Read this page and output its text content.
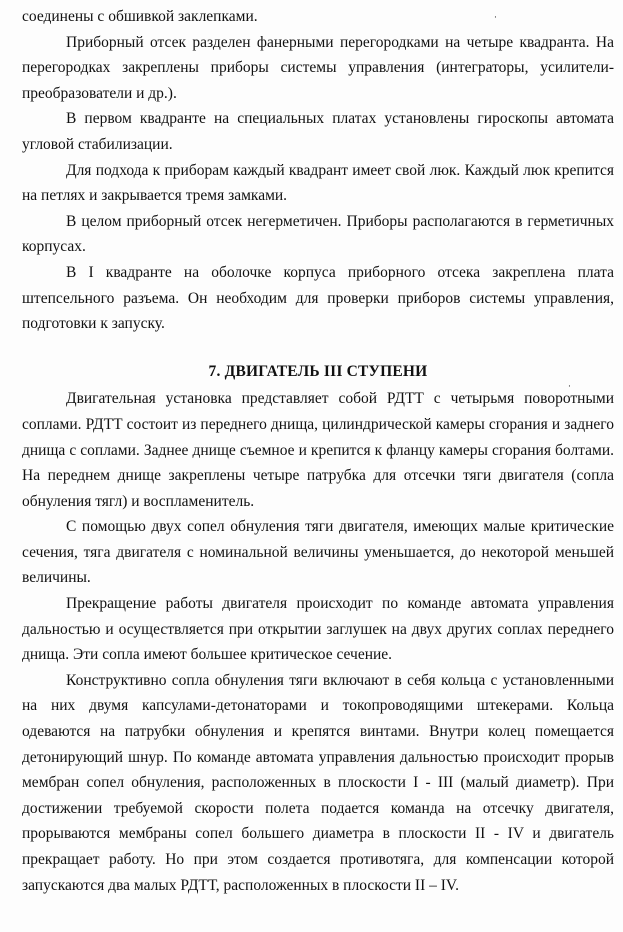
соединены с обшивкой заклепками.

Приборный отсек разделен фанерными перегородками на четыре квадранта. На перегородках закреплены приборы системы управления (интеграторы, усилители-преобразователи и др.).

В первом квадранте на специальных платах установлены гироскопы автомата угловой стабилизации.

Для подхода к приборам каждый квадрант имеет свой люк. Каждый люк крепится на петлях и закрывается тремя замками.

В целом приборный отсек негерметичен. Приборы располагаются в герметичных корпусах.

В I квадранте на оболочке корпуса приборного отсека закреплена плата штепсельного разъема. Он необходим для проверки приборов системы управления, подготовки к запуску.

7. ДВИГАТЕЛЬ III СТУПЕНИ

Двигательная установка представляет собой РДТТ с четырьмя поворотными соплами. РДТТ состоит из переднего днища, цилиндрической камеры сгорания и заднего днища с соплами. Заднее днище съемное и крепится к фланцу камеры сгорания болтами. На переднем днище закреплены четыре патрубка для отсечки тяги двигателя (сопла обнуления тягл) и воспламенитель.

С помощью двух сопел обнуления тяги двигателя, имеющих малые критические сечения, тяга двигателя с номинальной величины уменьшается, до некоторой меньшей величины.

Прекращение работы двигателя происходит по команде автомата управления дальностью и осуществляется при открытии заглушек на двух других соплах переднего днища. Эти сопла имеют большее критическое сечение.

Конструктивно сопла обнуления тяги включают в себя кольца с установленными на них двумя капсулами-детонаторами и токопроводящими штекерами. Кольца одеваются на патрубки обнуления и крепятся винтами. Внутри колец помещается детонирующий шнур. По команде автомата управления дальностью происходит прорыв мембран сопел обнуления, расположенных в плоскости I - III (малый диаметр). При достижении требуемой скорости полета подается команда на отсечку двигателя, прорываются мембраны сопел большего диаметра в плоскости II - IV и двигатель прекращает работу. Но при этом создается противотяга, для компенсации которой запускаются два малых РДТТ, расположенных в плоскости II – IV.

·
·
